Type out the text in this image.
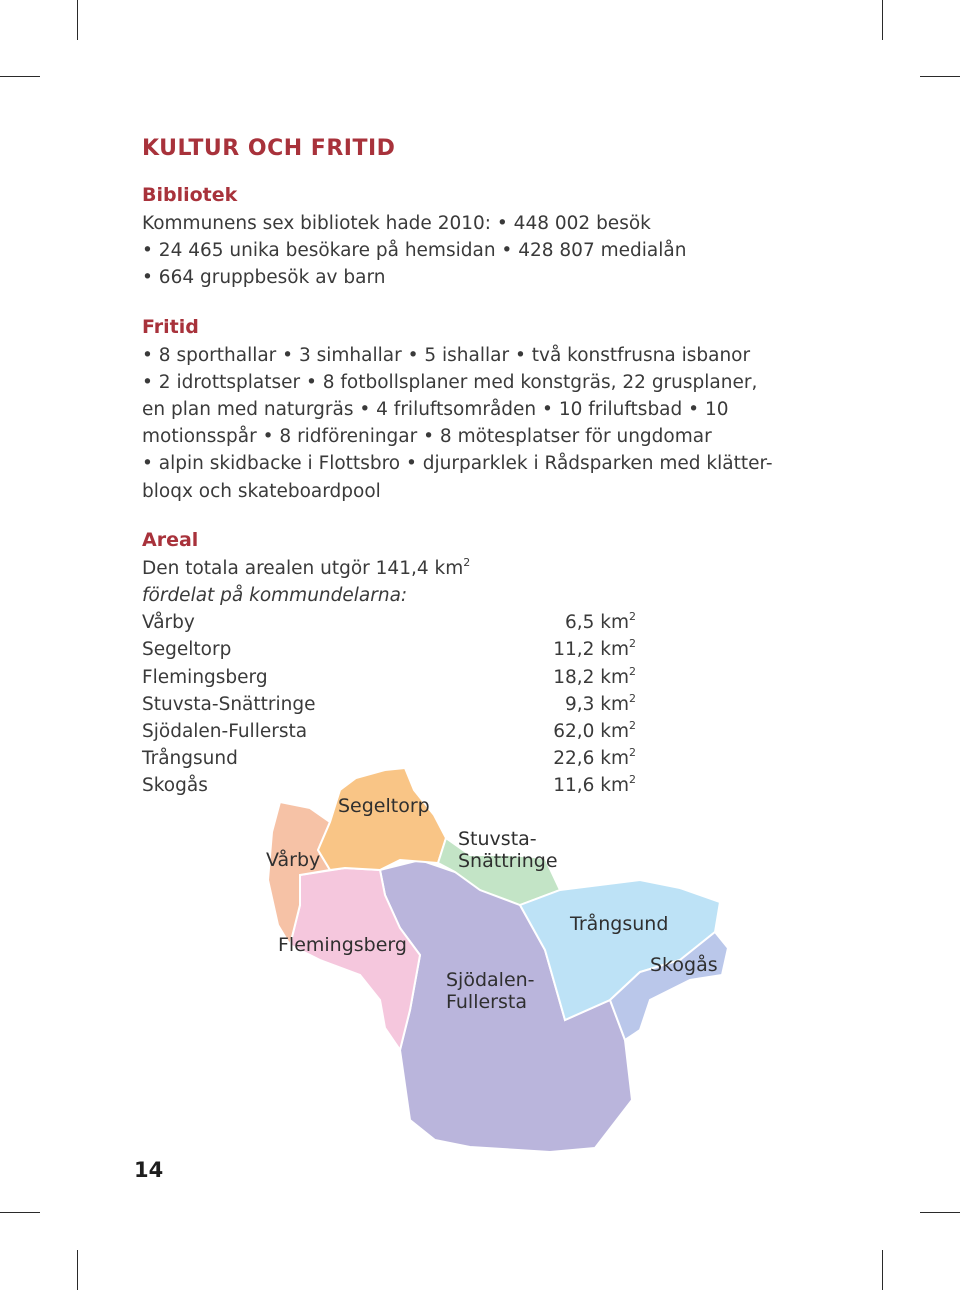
Segeltorp
Vårby
Stuvsta-
Snättringe
Trångsund
Flemingsberg
Skogås
Sjödalen-
Fullersta
KULTUR OCH FRITID
Bibliotek
Kommunens sex bibliotek hade 2010: • 448 002 besök
• 24 465 unika besökare på hemsidan • 428 807 medialån
• 664 gruppbesök av barn
Fritid
• 8 sporthallar • 3 simhallar • 5 ishallar • två konstfrusna isbanor
• 2 idrottsplatser • 8 fotbollsplaner med konstgräs, 22 grusplaner,
en plan med naturgräs • 4 friluftsområden • 10 friluftsbad • 10
motionsspår • 8 ridföreningar • 8 mötesplatser för ungdomar
• alpin skidbacke i Flottsbro • djurparklek i Rådsparken med klätter-
bloqx och skateboardpool
Areal
Den totala arealen utgör 141,4 $km^2$
fördelat på kommundelarna:
Vårby	6,5 $km^2$
Segeltorp	11,2 $km^2$
Flemingsberg	18,2 $km^2$
Stuvsta-Snättringe	9,3 $km^2$
Sjödalen-Fullersta	62,0 $km^2$
Trångsund	22,6 $km^2$
Skogås	11,6 $km^2$
14
